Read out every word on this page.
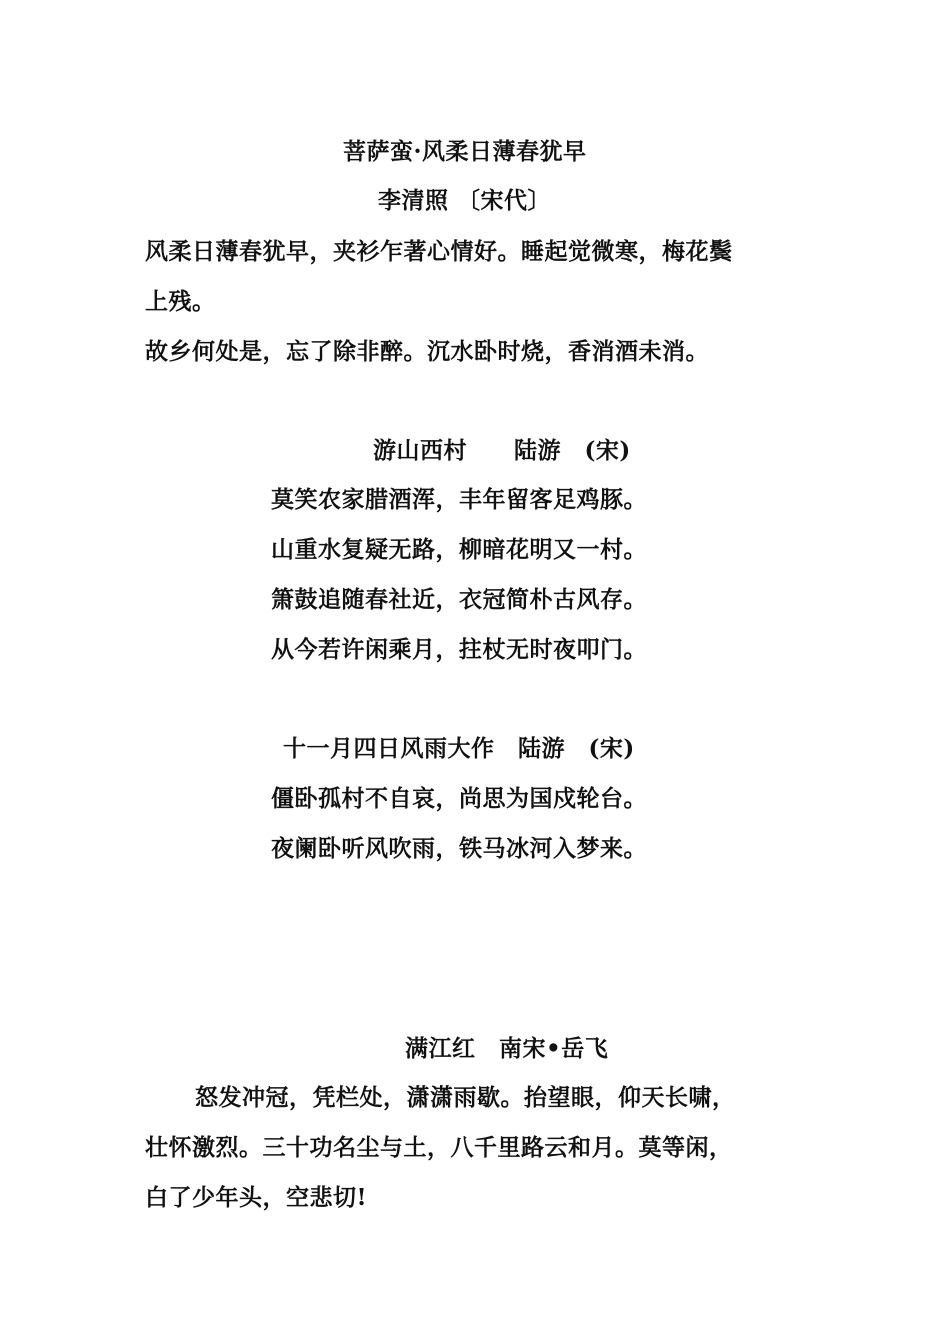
菩萨蛮·风柔日薄春犹早
李清照 〔宋代〕
风柔日薄春犹早，夹衫乍著心情好。睡起觉微寒，梅花鬓
上残。
故乡何处是，忘了除非醉。沉水卧时烧，香消酒未消。
游山西村　　陆游　(宋)
莫笑农家腊酒浑，丰年留客足鸡豚。
山重水复疑无路，柳暗花明又一村。
箫鼓追随春社近，衣冠简朴古风存。
从今若许闲乘月，拄杖无时夜叩门。
十一月四日风雨大作　陆游　(宋)
僵卧孤村不自哀，尚思为国戍轮台。
夜阑卧听风吹雨，铁马冰河入梦来。
满江红　南宋•岳飞
怒发冲冠，凭栏处，潇潇雨歇。抬望眼，仰天长啸，
壮怀激烈。三十功名尘与土，八千里路云和月。莫等闲，
白了少年头，空悲切!
